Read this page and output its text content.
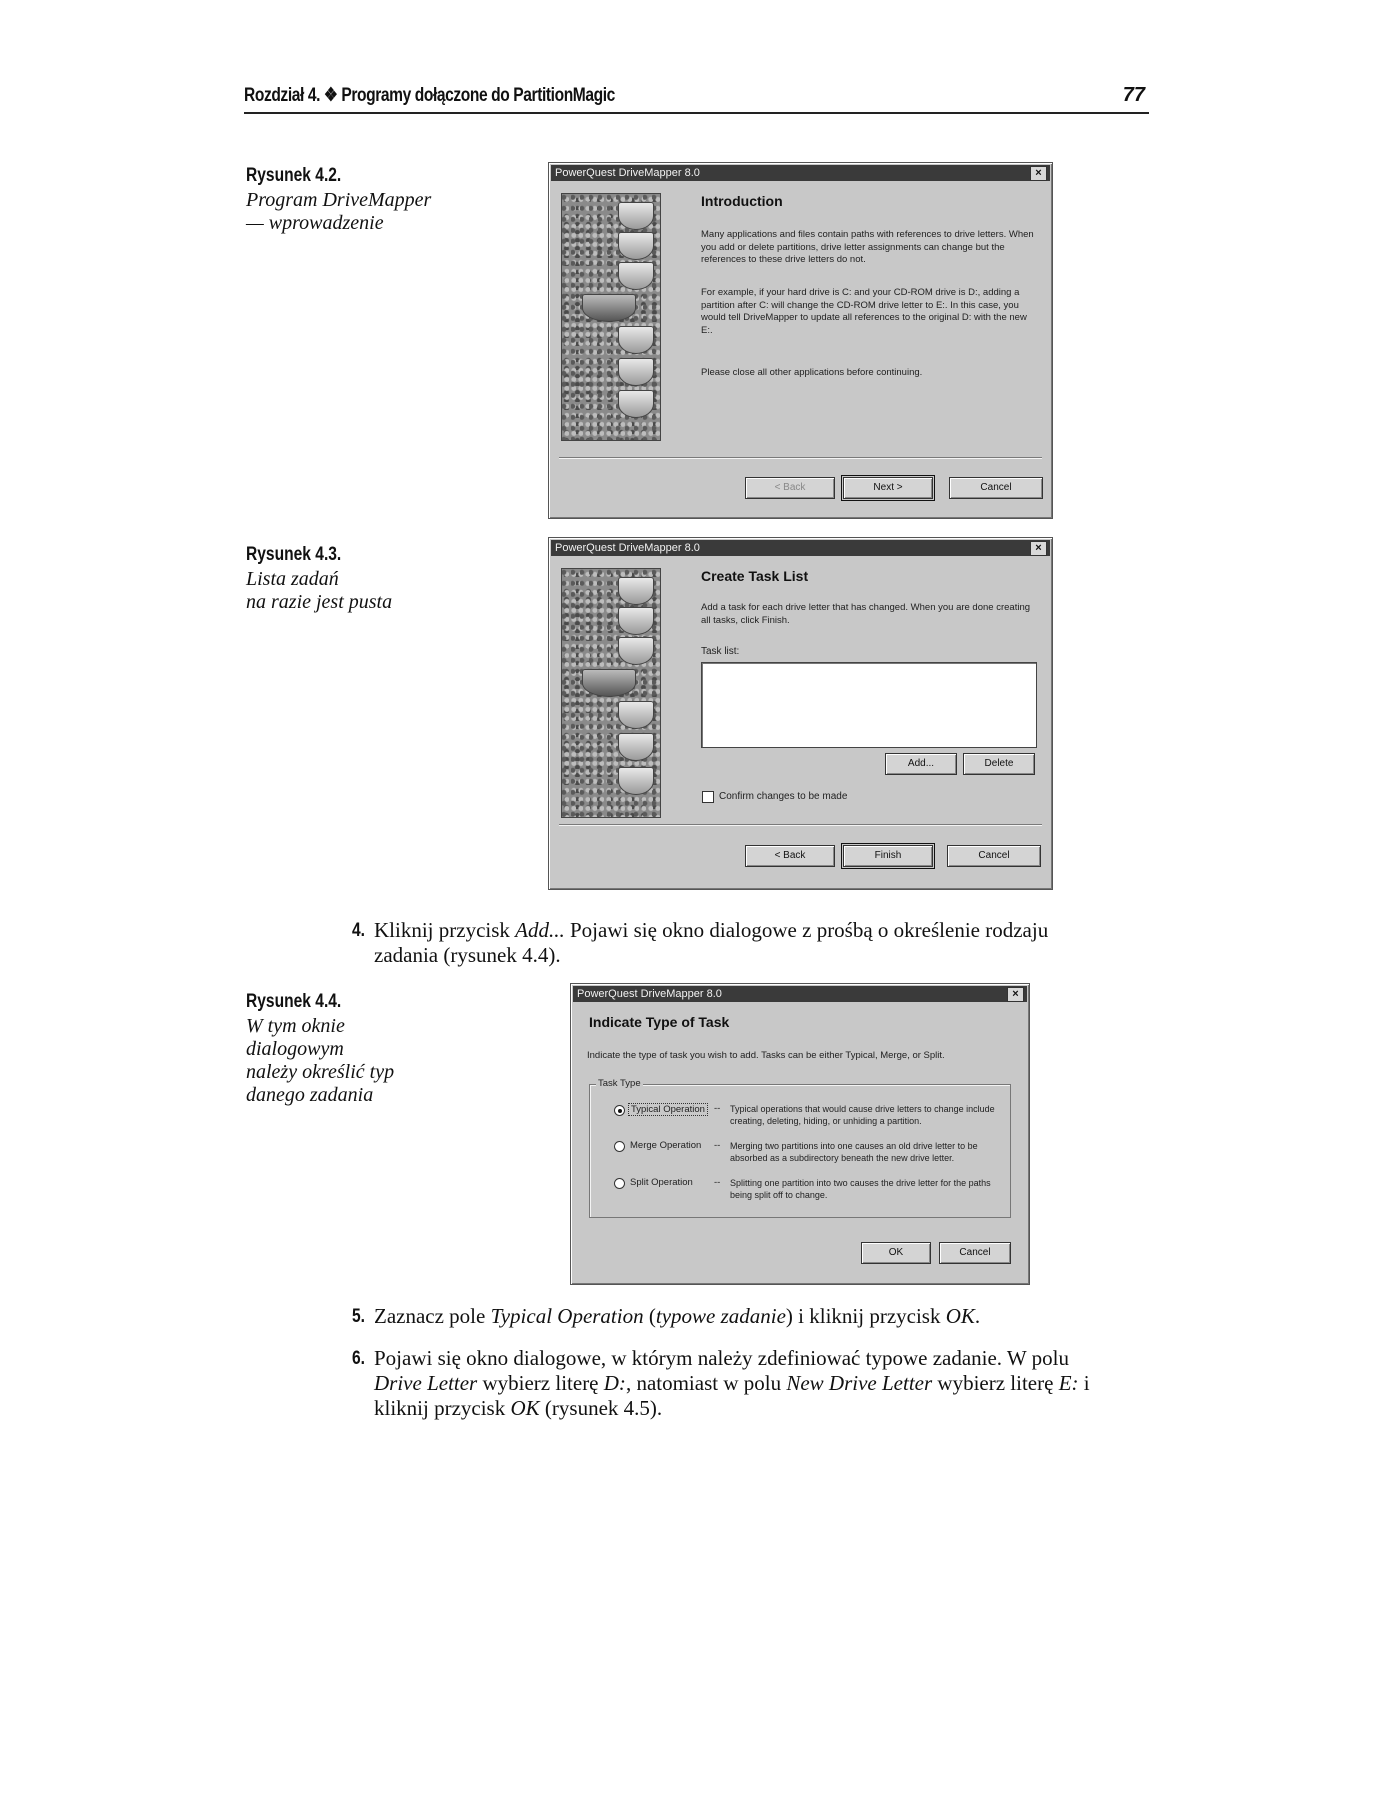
Rozdział 4. ❖ Programy dołączone do PartitionMagic	77
Rysunek 4.2.
Program DriveMapper
— wprowadzenie
PowerQuest DriveMapper 8.0	×
Introduction
Many applications and files contain paths with references to drive letters. When you add or delete partitions, drive letter assignments can change but the references to these drive letters do not.
For example, if your hard drive is C: and your CD-ROM drive is D:, adding a partition after C: will change the CD-ROM drive letter to E:. In this case, you would tell DriveMapper to update all references to the original D: with the new E:.
Please close all other applications before continuing.
< Back	Next >	Cancel
Rysunek 4.3.
Lista zadań
na razie jest pusta
PowerQuest DriveMapper 8.0	×
Create Task List
Add a task for each drive letter that has changed. When you are done creating all tasks, click Finish.
Task list:
Add...	Delete
Confirm changes to be made
< Back	Finish	Cancel
4. Kliknij przycisk Add... Pojawi się okno dialogowe z prośbą o określenie rodzaju zadania (rysunek 4.4).
Rysunek 4.4.
W tym oknie
dialogowym
należy określić typ
danego zadania
PowerQuest DriveMapper 8.0	×
Indicate Type of Task
Indicate the type of task you wish to add. Tasks can be either Typical, Merge, or Split.
Task Type
Typical Operation -- Typical operations that would cause drive letters to change include creating, deleting, hiding, or unhiding a partition.
Merge Operation -- Merging two partitions into one causes an old drive letter to be absorbed as a subdirectory beneath the new drive letter.
Split Operation -- Splitting one partition into two causes the drive letter for the paths being split off to change.
OK	Cancel
5. Zaznacz pole Typical Operation (typowe zadanie) i kliknij przycisk OK.
6. Pojawi się okno dialogowe, w którym należy zdefiniować typowe zadanie. W polu Drive Letter wybierz literę D:, natomiast w polu New Drive Letter wybierz literę E: i kliknij przycisk OK (rysunek 4.5).
